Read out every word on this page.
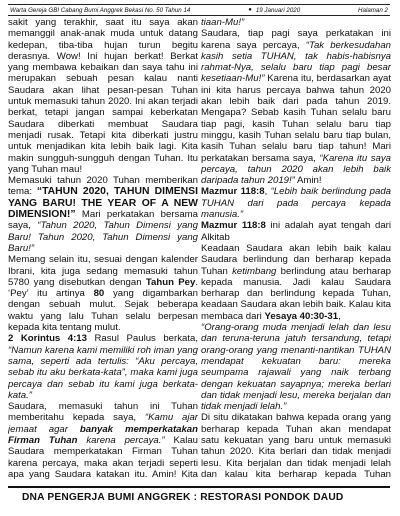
Warta Gereja GBI Cabang Bumi Anggrek Bekasi No. 50 Tahun 14	● 19 Januari 2020	Halaman 2

sakit yang terakhir, saat itu saya akan memanggil anak-anak muda untuk datang kedepan, tiba-tiba hujan turun begitu derasnya. Wow! Ini hujan berkat! Berkat yang membawa kebaikan dan saya tahu ini merupakan sebuah pesan kalau nanti Saudara akan lihat pesan-pesan Tuhan untuk memasuki tahun 2020. Ini akan terjadi berkat, tetapi jangan sampai keberkatan Saudara diberkati membuat Saudara menjadi rusak. Tetapi kita diberkati justru untuk menjadikan kita lebih baik lagi. Kita makin sungguh-sungguh dengan Tuhan. Itu yang Tuhan mau!

Memasuki tahun 2020 Tuhan memberikan tema: “TAHUN 2020, TAHUN DIMENSI YANG BARU! THE YEAR OF A NEW DIMENSION!” Mari perkatakan bersama saya, “Tahun 2020, Tahun Dimensi yang Baru! Tahun 2020, Tahun Dimensi yang Baru!”

Memang selain itu, sesuai dengan kalender Ibrani, kita juga sedang memasuki tahun 5780 yang disebutkan dengan Tahun Pey. ‘Pey’ itu artinya 80 yang digambarkan dengan sebuah mulut. Sejak beberapa waktu yang lalu Tuhan selalu berpesan kepada kita tentang mulut.

2 Korintus 4:13 Rasul Paulus berkata, “Namun karena kami memiliki roh iman yang sama, seperti ada tertulis: “Aku percaya, sebab itu aku berkata-kata”, maka kami juga percaya dan sebab itu kami juga berkata-kata.”

Saudara, memasuki tahun ini Tuhan memberitahu kepada saya, “Kamu ajar jemaat agar banyak memperkatakan Firman Tuhan karena percaya.” Kalau Saudara memperkatakan Firman Tuhan karena percaya, maka akan terjadi seperti apa yang Saudara katakan itu. Amin! Kita

tiaan-Mu!”

Saudara, tiap pagi saya perkatakan ini karena saya percaya, “Tak berkesudahan kasih setia TUHAN, tak habis-habisnya rahmat-Nya, selalu baru tiap pagi besar kesetiaan-Mu!” Karena itu, berdasarkan ayat ini kita harus percaya bahwa tahun 2020 akan lebih baik dari pada tahun 2019. Mengapa? Sebab kasih Tuhan selalu baru tiap pagi, kasih Tuhan selalu baru tiap minggu, kasih Tuhan selalu baru tiap bulan, kasih Tuhan selalu baru tiap tahun! Mari perkatakan bersama saya, “Karena itu saya percaya, tahun 2020 akan lebih baik daripada tahun 2019!” Amin!

Mazmur 118:8, “Lebih baik berlindung pada TUHAN dari pada percaya kepada manusia.”

Mazmur 118:8 ini adalah ayat tengah dari Alkitab

Keadaan Saudara akan lebih baik kalau Saudara berlindung dan berharap kepada Tuhan ketimbang berlindung atau berharap kepada manusia. Jadi kalau Saudara berharap dan berlindung kepada Tuhan, keadaan Saudara akan lebih baik. Kalau kita membaca dari Yesaya 40:30-31,

“Orang-orang muda menjadi lelah dan lesu dan teruna-teruna jatuh tersandung, tetapi orang-orang yang menanti-nantikan TUHAN mendapat kekuatan baru: mereka seumpama rajawali yang naik terbang dengan kekuatan sayapnya; mereka berlari dan tidak menjadi lesu, mereka berjalan dan tidak menjadi lelah.”

Di situ dikatakan bahwa kepada orang yang berharap kepada Tuhan akan mendapat satu kekuatan yang baru untuk memasuki tahun 2020. Kita berlari dan tidak menjadi lesu. Kita berjalan dan tidak menjadi lelah dan kalau kita berharap kepada Tuhan

DNA PENGERJA BUMI ANGGREK : RESTORASI PONDOK DAUD
